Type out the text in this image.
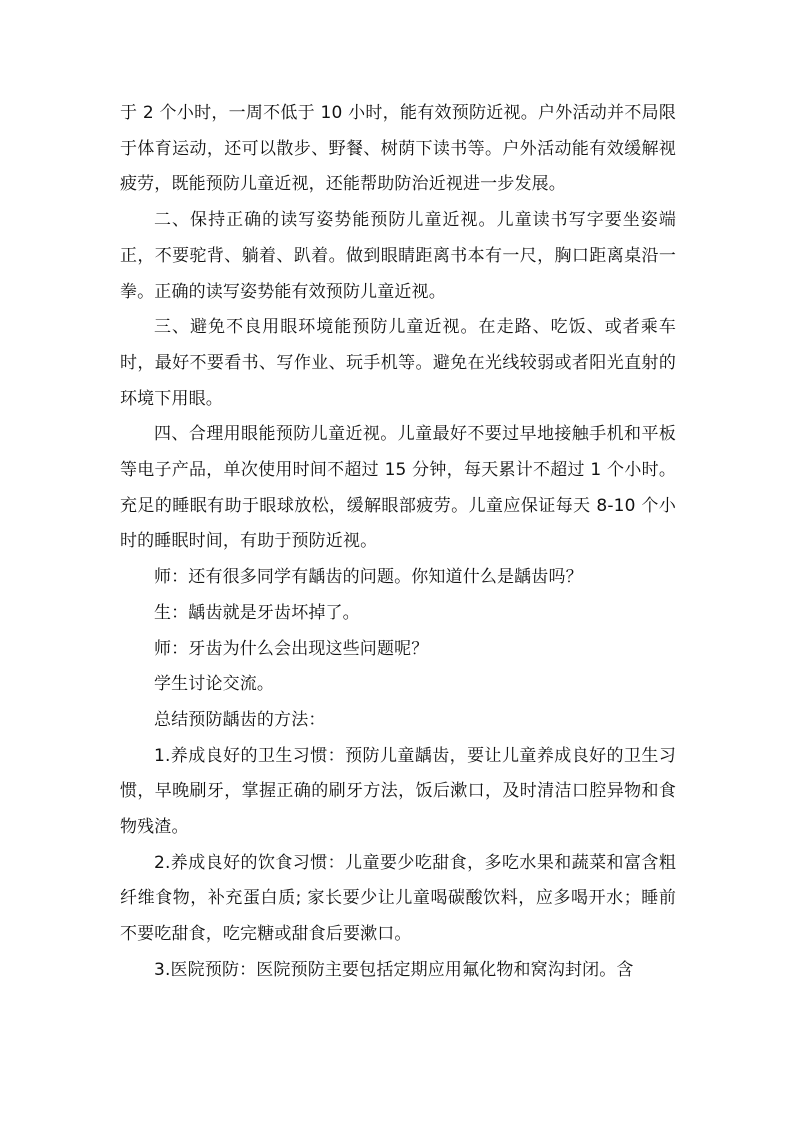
于 2 个小时，一周不低于 10 小时，能有效预防近视。户外活动并不局限于体育运动，还可以散步、野餐、树荫下读书等。户外活动能有效缓解视疲劳，既能预防儿童近视，还能帮助防治近视进一步发展。

二、保持正确的读写姿势能预防儿童近视。儿童读书写字要坐姿端正，不要驼背、躺着、趴着。做到眼睛距离书本有一尺，胸口距离桌沿一拳。正确的读写姿势能有效预防儿童近视。

三、避免不良用眼环境能预防儿童近视。在走路、吃饭、或者乘车时，最好不要看书、写作业、玩手机等。避免在光线较弱或者阳光直射的环境下用眼。

四、合理用眼能预防儿童近视。儿童最好不要过早地接触手机和平板等电子产品，单次使用时间不超过 15 分钟，每天累计不超过 1 个小时。充足的睡眠有助于眼球放松，缓解眼部疲劳。儿童应保证每天 8-10 个小时的睡眠时间，有助于预防近视。

师：还有很多同学有龋齿的问题。你知道什么是龋齿吗？

生：龋齿就是牙齿坏掉了。

师：牙齿为什么会出现这些问题呢？

学生讨论交流。

总结预防龋齿的方法：

1.养成良好的卫生习惯：预防儿童龋齿，要让儿童养成良好的卫生习惯，早晚刷牙，掌握正确的刷牙方法，饭后漱口，及时清洁口腔异物和食物残渣。

2.养成良好的饮食习惯：儿童要少吃甜食，多吃水果和蔬菜和富含粗纤维食物，补充蛋白质; 家长要少让儿童喝碳酸饮料，应多喝开水；睡前不要吃甜食，吃完糖或甜食后要漱口。

3.医院预防：医院预防主要包括定期应用氟化物和窝沟封闭。含
